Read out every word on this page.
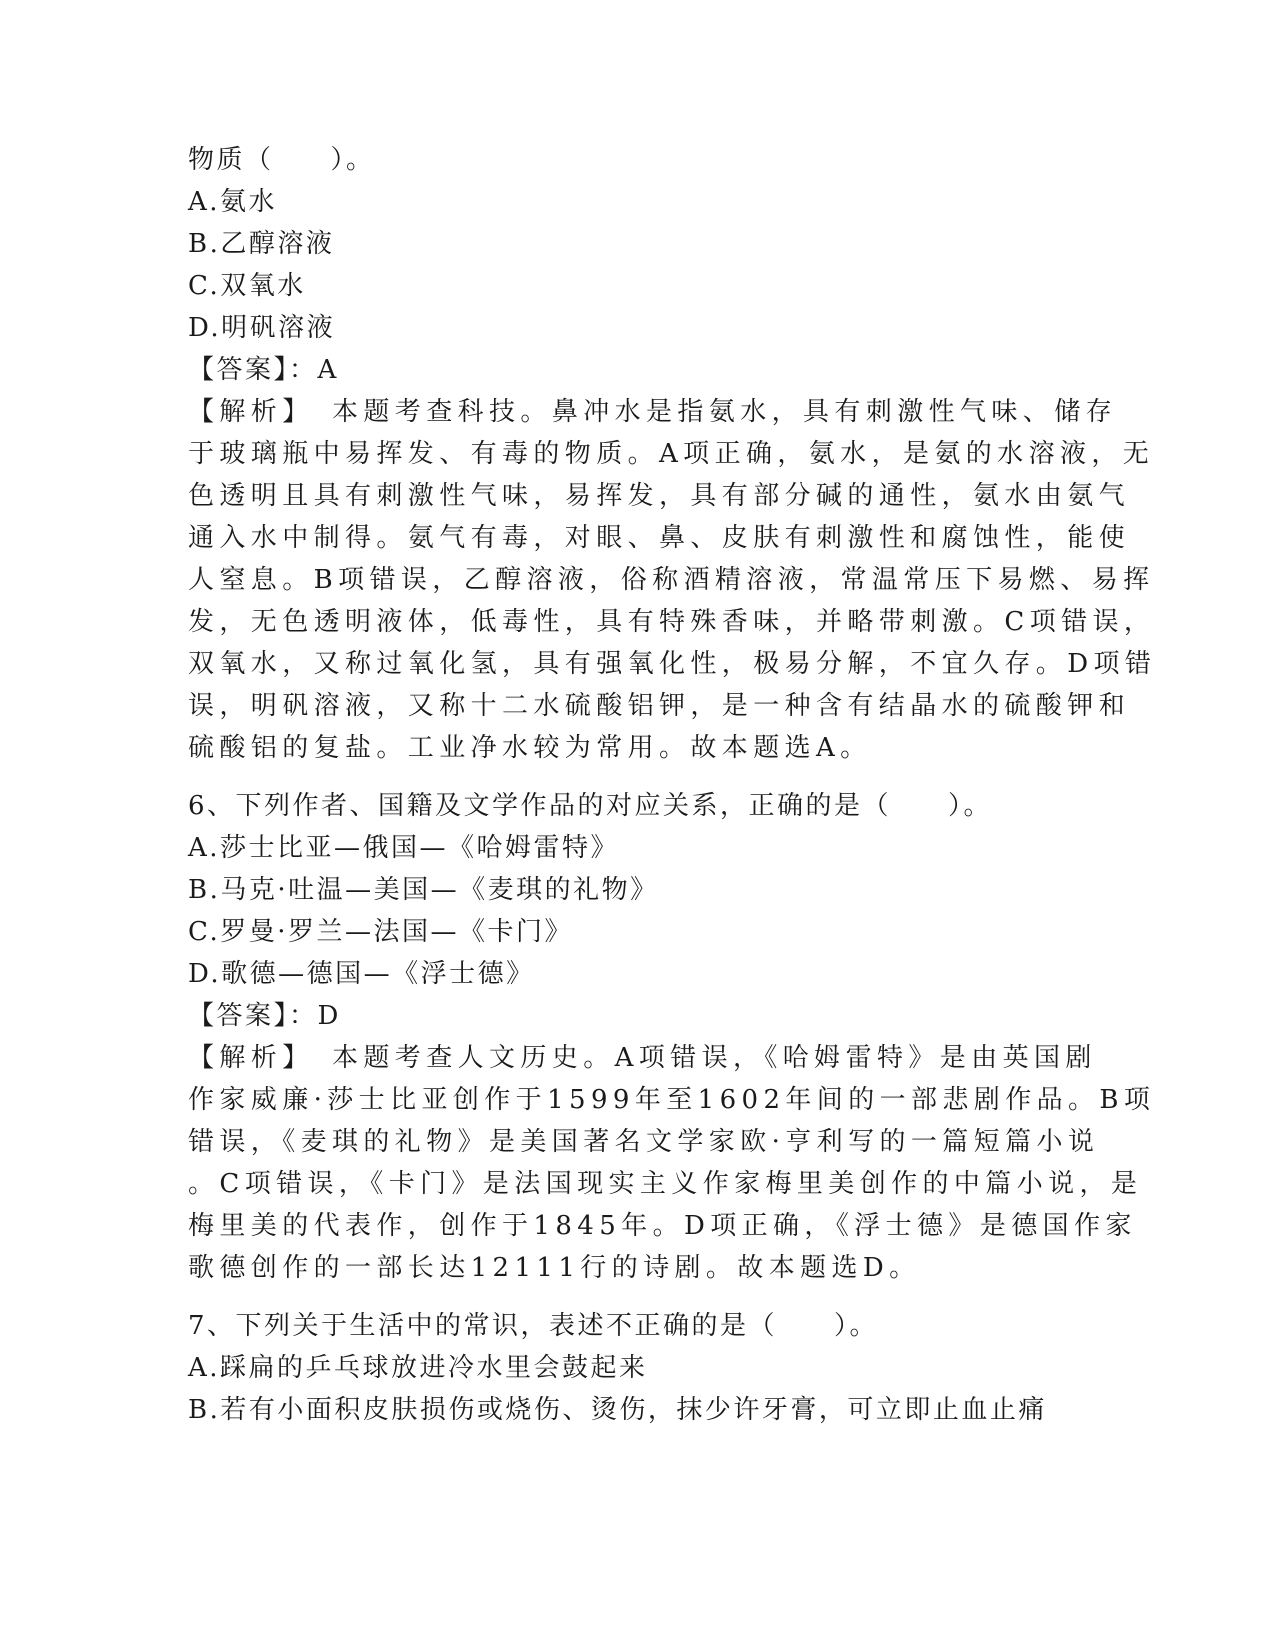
物质（　　）。

A.氨水

B.乙醇溶液

C.双氧水

D.明矾溶液

【答案】：A

【解析】　本题考查科技。鼻冲水是指氨水，具有刺激性气味、储存

于玻璃瓶中易挥发、有毒的物质。A项正确，氨水，是氨的水溶液，无

色透明且具有刺激性气味，易挥发，具有部分碱的通性，氨水由氨气

通入水中制得。氨气有毒，对眼、鼻、皮肤有刺激性和腐蚀性，能使

人窒息。B项错误，乙醇溶液，俗称酒精溶液，常温常压下易燃、易挥

发，无色透明液体，低毒性，具有特殊香味，并略带刺激。C项错误，

双氧水，又称过氧化氢，具有强氧化性，极易分解，不宜久存。D项错

误，明矾溶液，又称十二水硫酸铝钾，是一种含有结晶水的硫酸钾和

硫酸铝的复盐。工业净水较为常用。故本题选A。

6、下列作者、国籍及文学作品的对应关系，正确的是（　　）。

A.莎士比亚—俄国—《哈姆雷特》

B.马克·吐温—美国—《麦琪的礼物》

C.罗曼·罗兰—法国—《卡门》

D.歌德—德国—《浮士德》

【答案】：D

【解析】　本题考查人文历史。A项错误，《哈姆雷特》是由英国剧

作家威廉·莎士比亚创作于1599年至1602年间的一部悲剧作品。B项

错误，《麦琪的礼物》是美国著名文学家欧·亨利写的一篇短篇小说

。C项错误，《卡门》是法国现实主义作家梅里美创作的中篇小说，是

梅里美的代表作，创作于1845年。D项正确，《浮士德》是德国作家

歌德创作的一部长达12111行的诗剧。故本题选D。

7、下列关于生活中的常识，表述不正确的是（　　）。

A.踩扁的乒乓球放进冷水里会鼓起来

B.若有小面积皮肤损伤或烧伤、烫伤，抹少许牙膏，可立即止血止痛
